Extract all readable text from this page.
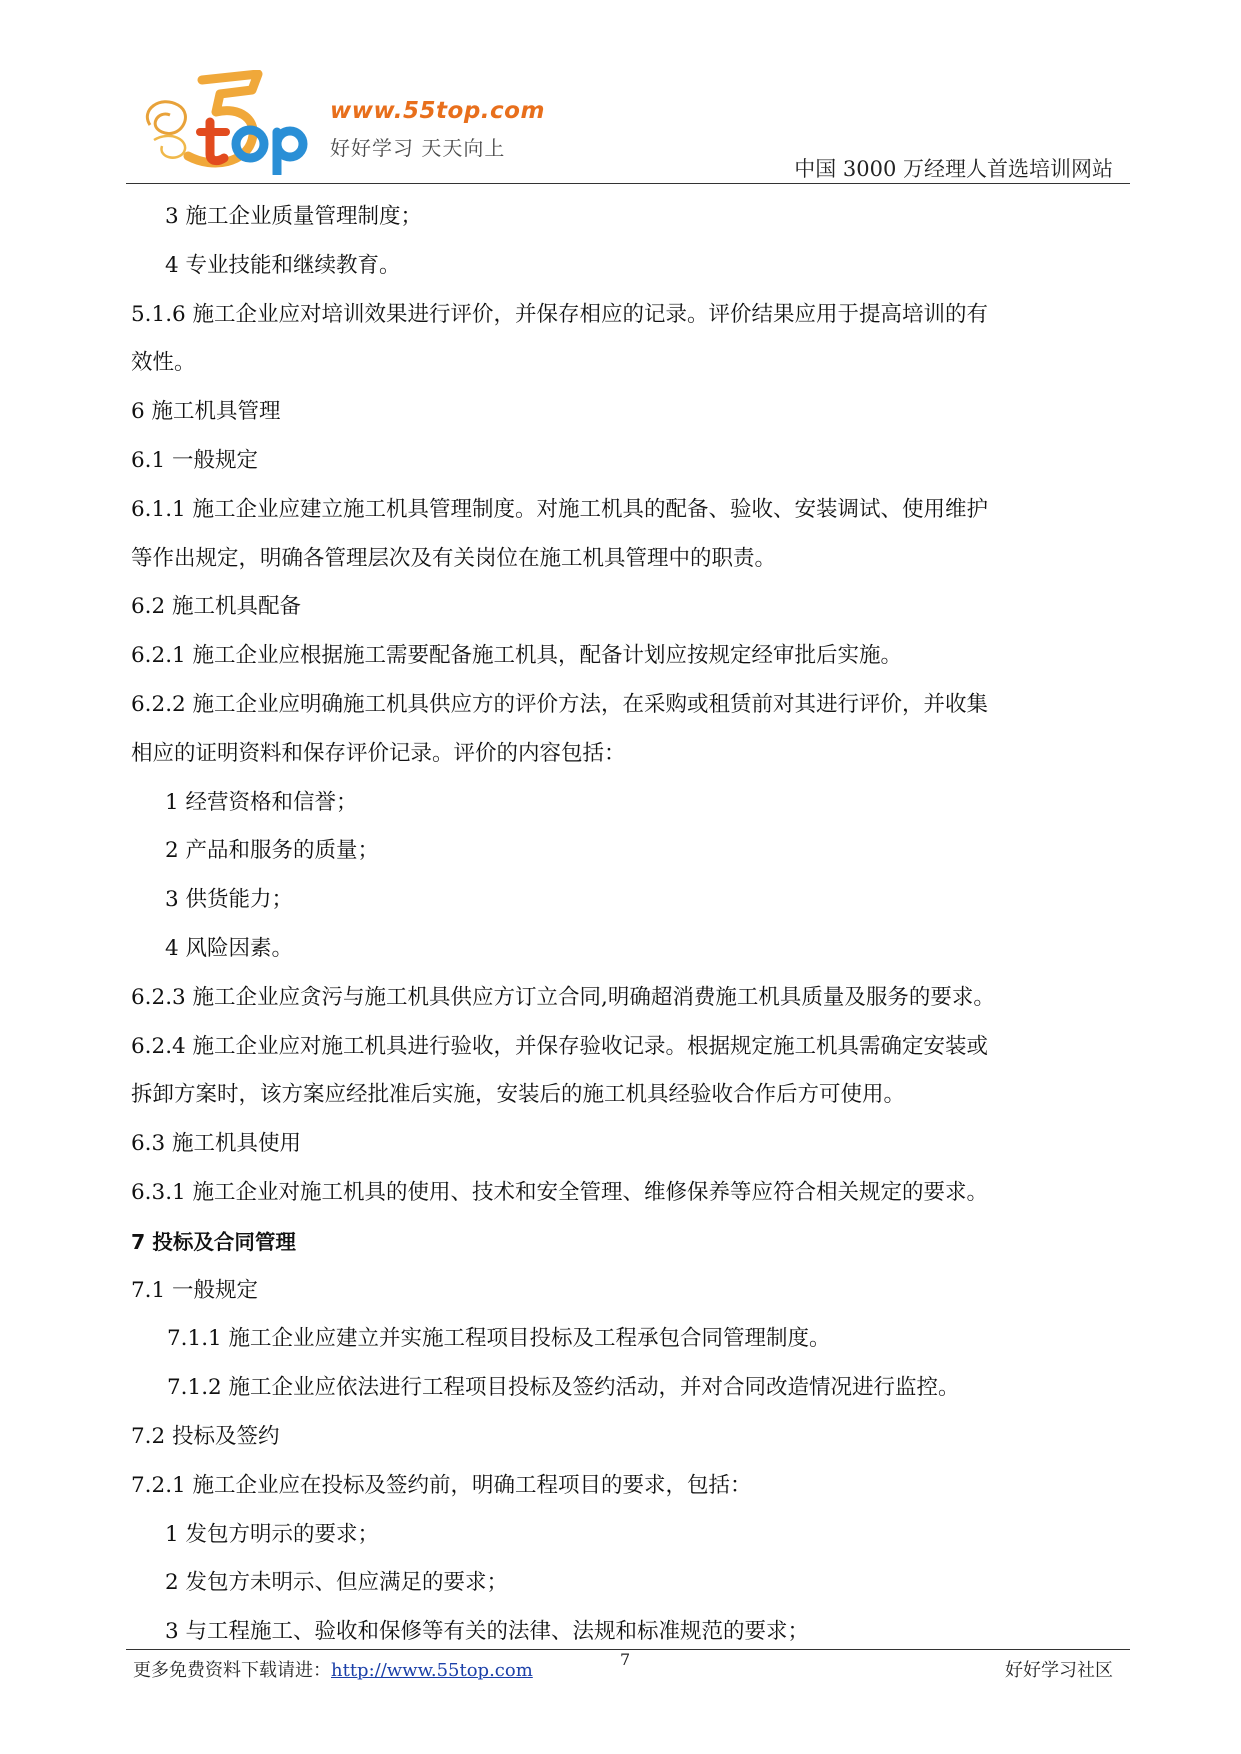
www.55top.com
好好学习 天天向上
中国 3000 万经理人首选培训网站
3 施工企业质量管理制度；
4 专业技能和继续教育。
5.1.6 施工企业应对培训效果进行评价，并保存相应的记录。评价结果应用于提高培训的有
效性。
6 施工机具管理
6.1 一般规定
6.1.1 施工企业应建立施工机具管理制度。对施工机具的配备、验收、安装调试、使用维护
等作出规定，明确各管理层次及有关岗位在施工机具管理中的职责。
6.2 施工机具配备
6.2.1 施工企业应根据施工需要配备施工机具，配备计划应按规定经审批后实施。
6.2.2 施工企业应明确施工机具供应方的评价方法，在采购或租赁前对其进行评价，并收集
相应的证明资料和保存评价记录。评价的内容包括：
1 经营资格和信誉；
2 产品和服务的质量；
3 供货能力；
4 风险因素。
6.2.3 施工企业应贪污与施工机具供应方订立合同,明确超消费施工机具质量及服务的要求。
6.2.4 施工企业应对施工机具进行验收，并保存验收记录。根据规定施工机具需确定安装或
拆卸方案时，该方案应经批准后实施，安装后的施工机具经验收合作后方可使用。
6.3 施工机具使用
6.3.1 施工企业对施工机具的使用、技术和安全管理、维修保养等应符合相关规定的要求。
7 投标及合同管理
7.1 一般规定
7.1.1 施工企业应建立并实施工程项目投标及工程承包合同管理制度。
7.1.2 施工企业应依法进行工程项目投标及签约活动，并对合同改造情况进行监控。
7.2 投标及签约
7.2.1 施工企业应在投标及签约前，明确工程项目的要求，包括：
1 发包方明示的要求；
2 发包方未明示、但应满足的要求；
3 与工程施工、验收和保修等有关的法律、法规和标准规范的要求；
更多免费资料下载请进：http://www.55top.com
7
好好学习社区
